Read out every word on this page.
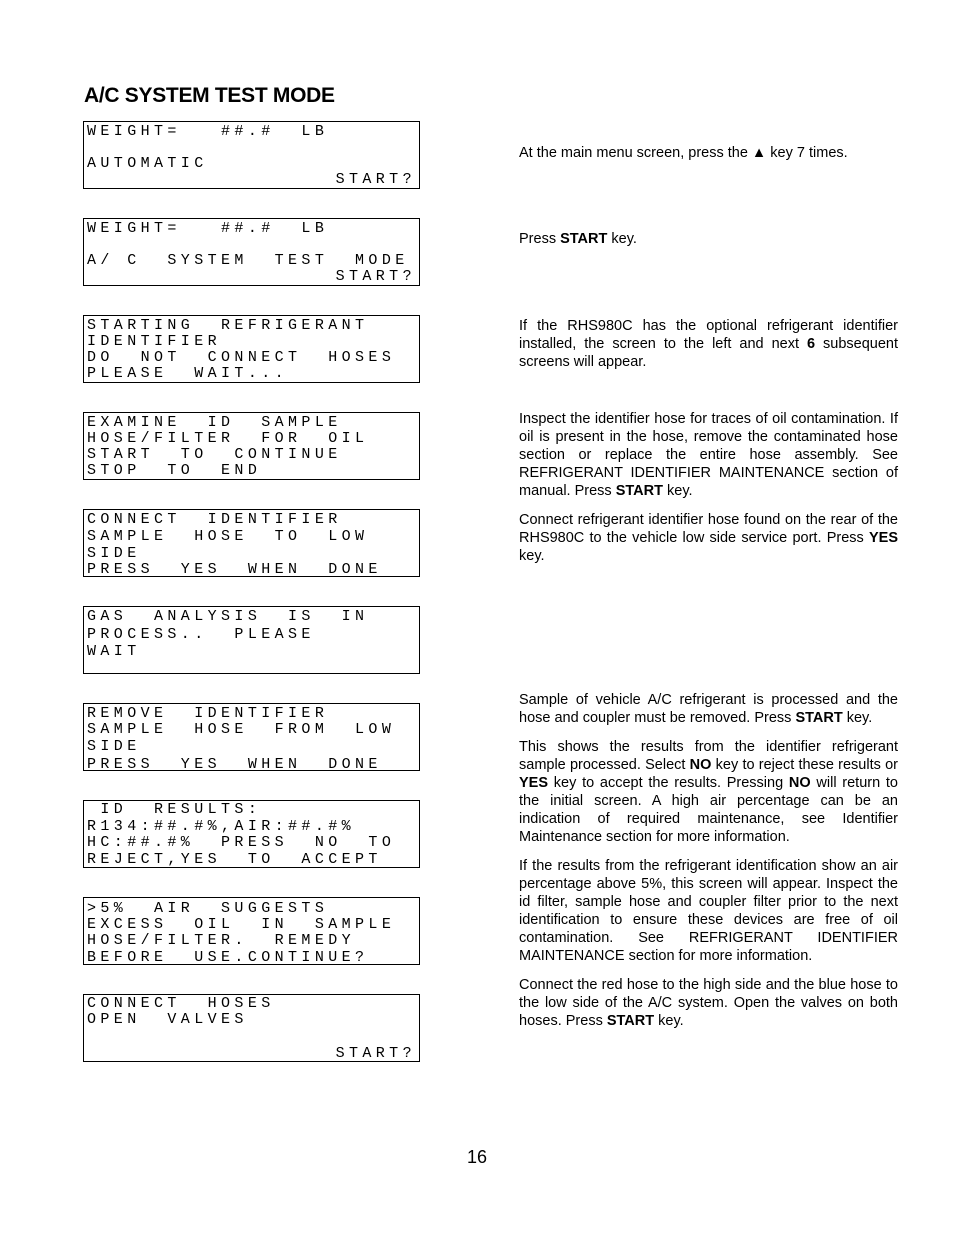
A/C SYSTEM TEST MODE
WEIGHT=   ##.#  LB
AUTOMATIC
START?
WEIGHT=   ##.#  LB
A/ C  SYSTEM  TEST  MODE
START?
STARTING  REFRIGERANT
IDENTIFIER
DO  NOT  CONNECT  HOSES
PLEASE  WAIT...
EXAMINE  ID  SAMPLE
HOSE/FILTER  FOR  OIL
START  TO  CONTINUE
STOP  TO  END
CONNECT  IDENTIFIER
SAMPLE  HOSE  TO  LOW
SIDE
PRESS  YES  WHEN  DONE
GAS  ANALYSIS  IS  IN
PROCESS..  PLEASE
WAIT
REMOVE  IDENTIFIER
SAMPLE  HOSE  FROM  LOW
SIDE
PRESS  YES  WHEN  DONE
ID  RESULTS:
R134:##.#%,AIR:##.#%
HC:##.#%  PRESS  NO  TO
REJECT,YES  TO  ACCEPT
>5%  AIR  SUGGESTS
EXCESS  OIL  IN  SAMPLE
HOSE/FILTER.  REMEDY
BEFORE  USE.CONTINUE?
CONNECT  HOSES
OPEN  VALVES
START?

At the main menu screen, press the ▲ key 7 times.

Press START key.

If the RHS980C has the optional refrigerant identifier installed, the screen to the left and next 6 subsequent screens will appear.

Inspect the identifier hose for traces of oil contamination. If oil is present in the hose, remove the contaminated hose section or replace the entire hose assembly. See REFRIGERANT IDENTIFIER MAINTENANCE section of manual. Press START key.

Connect refrigerant identifier hose found on the rear of the RHS980C to the vehicle low side service port. Press YES key.

Sample of vehicle A/C refrigerant is processed and the hose and coupler must be removed. Press START key.

This shows the results from the identifier refrigerant sample processed. Select NO key to reject these results or YES key to accept the results. Pressing NO will return to the initial screen. A high air percentage can be an indication of required maintenance, see Identifier Maintenance section for more information.

If the results from the refrigerant identification show an air percentage above 5%, this screen will appear. Inspect the id filter, sample hose and coupler filter prior to the next identification to ensure these devices are free of oil contamination. See REFRIGERANT IDENTIFIER MAINTENANCE section for more information.

Connect the red hose to the high side and the blue hose to the low side of the A/C system. Open the valves on both hoses. Press START key.

16
